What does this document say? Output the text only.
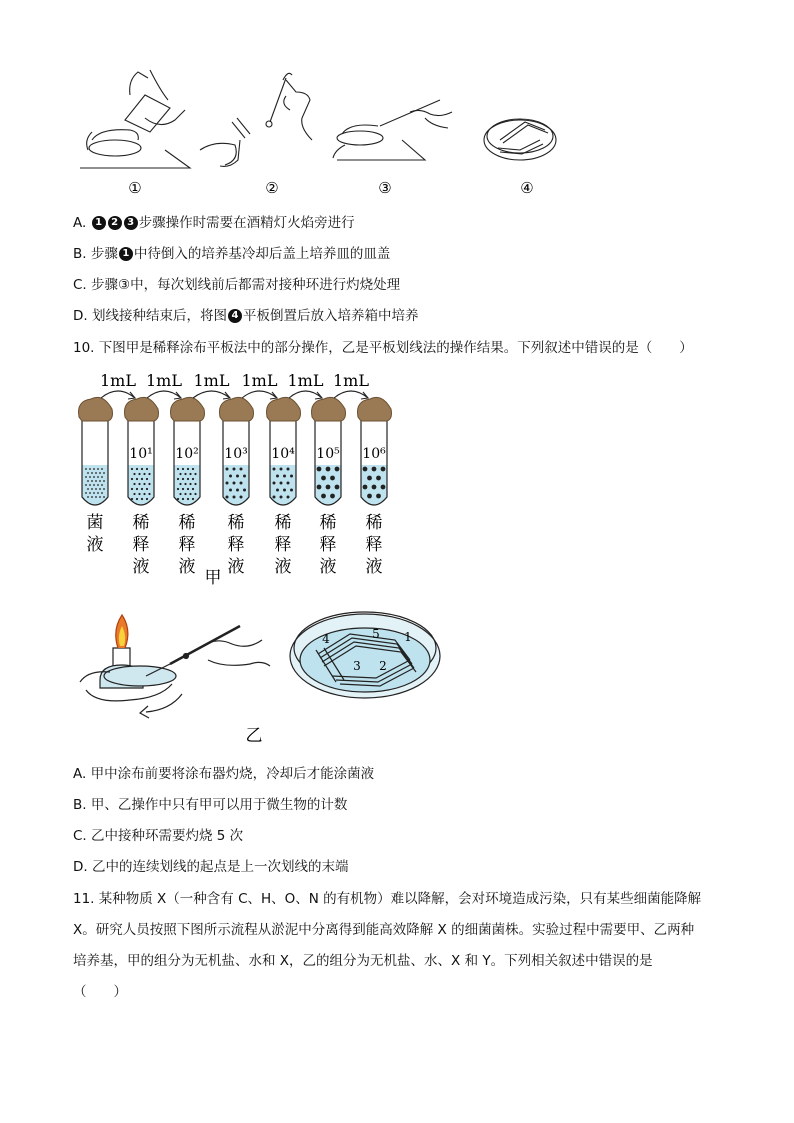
①	②	③	④
A. 1 2 3 步骤操作时需要在酒精灯火焰旁进行
B. 步骤 1 中待倒入的培养基冷却后盖上培养皿的皿盖
C. 步骤③中，每次划线前后都需对接种环进行灼烧处理
D. 划线接种结束后，将图 4 平板倒置后放入培养箱中培养
10. 下图甲是稀释涂布平板法中的部分操作，乙是平板划线法的操作结果。下列叙述中错误的是（　　）
菌
液
10¹
稀
释
液
10²
稀
释
液
10³
稀
释
液
10⁴
稀
释
液
10⁵
稀
释
液
10⁶
稀
释
液
1mL 1mL 1mL 1mL 1mL 1mL
甲
乙
4	5 1
3 2
A. 甲中涂布前要将涂布器灼烧，冷却后才能涂菌液
B. 甲、乙操作中只有甲可以用于微生物的计数
C. 乙中接种环需要灼烧 5 次
D. 乙中的连续划线的起点是上一次划线的末端
11. 某种物质 X（一种含有 C、H、O、N 的有机物）难以降解，会对环境造成污染，只有某些细菌能降解
X。研究人员按照下图所示流程从淤泥中分离得到能高效降解 X 的细菌菌株。实验过程中需要甲、乙两种
培养基，甲的组分为无机盐、水和 X，乙的组分为无机盐、水、X 和 Y。下列相关叙述中错误的是
（　　）
